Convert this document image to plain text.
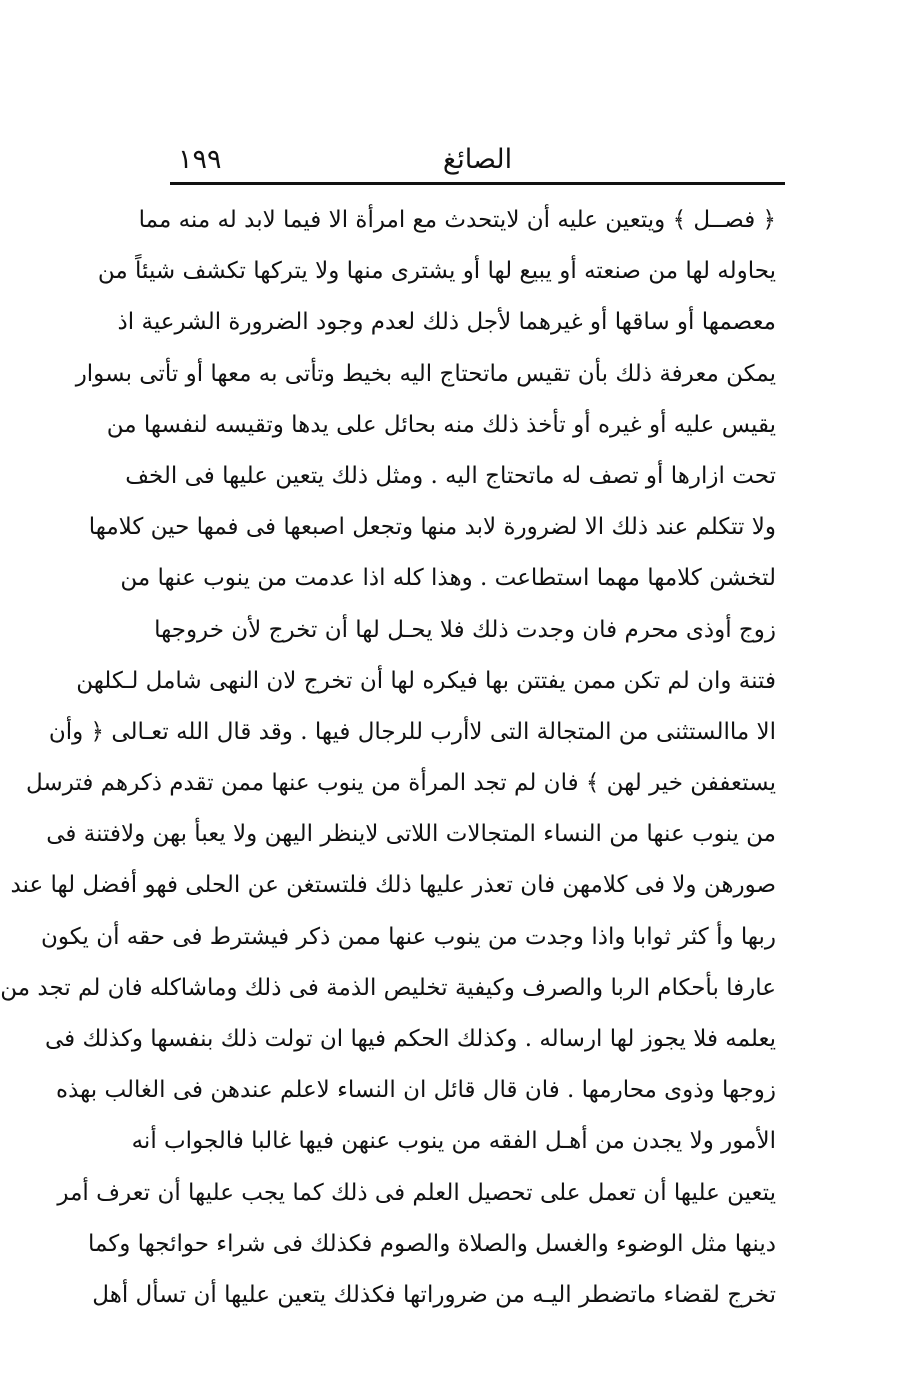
الصائغ
١٩٩
﴿ فصــل ﴾ ويتعين عليه أن لايتحدث مع امرأة الا فيما لابد له منه مما
يحاوله لها من صنعته أو يبيع لها أو يشترى منها ولا يتركها تكشف شيئاً من
معصمها أو ساقها أو غيرهما لأجل ذلك لعدم وجود الضرورة الشرعية اذ
يمكن معرفة ذلك بأن تقيس ماتحتاج اليه بخيط وتأتى به معها أو تأتى بسوار
يقيس عليه أو غيره أو تأخذ ذلك منه بحائل على يدها وتقيسه لنفسها من
تحت ازارها أو تصف له ماتحتاج اليه . ومثل ذلك يتعين عليها فى الخف
ولا تتكلم عند ذلك الا لضرورة لابد منها وتجعل اصبعها فى فمها حين كلامها
لتخشن كلامها مهما استطاعت . وهذا كله اذا عدمت من ينوب عنها من
زوج أوذى محرم فان وجدت ذلك فلا يحـل لها أن تخرج لأن خروجها
فتنة وان لم تكن ممن يفتتن بها فيكره لها أن تخرج لان النهى شامل لـكلهن
الا ماالستثنى من المتجالة التى لاأرب للرجال فيها . وقد قال الله تعـالى ﴿ وأن
يستعففن خير لهن ﴾ فان لم تجد المرأة من ينوب عنها ممن تقدم ذكرهم فترسل
من ينوب عنها من النساء المتجالات اللاتى لاينظر اليهن ولا يعبأ بهن ولافتنة فى
صورهن ولا فى كلامهن فان تعذر عليها ذلك فلتستغن عن الحلى فهو أفضل لها عند
ربها وأ كثر ثوابا واذا وجدت من ينوب عنها ممن ذكر فيشترط فى حقه أن يكون
عارفا بأحكام الربا والصرف وكيفية تخليص الذمة فى ذلك وماشاكله فان لم تجد من
يعلمه فلا يجوز لها ارساله . وكذلك الحكم فيها ان تولت ذلك بنفسها وكذلك فى
زوجها وذوى محارمها . فان قال قائل ان النساء لاعلم عندهن فى الغالب بهذه
الأمور ولا يجدن من أهـل الفقه من ينوب عنهن فيها غالبا فالجواب أنه
يتعين عليها أن تعمل على تحصيل العلم فى ذلك كما يجب عليها أن تعرف أمر
دينها مثل الوضوء والغسل والصلاة والصوم فكذلك فى شراء حوائجها وكما
تخرج لقضاء ماتضطر اليـه من ضروراتها فكذلك يتعين عليها أن تسأل أهل
